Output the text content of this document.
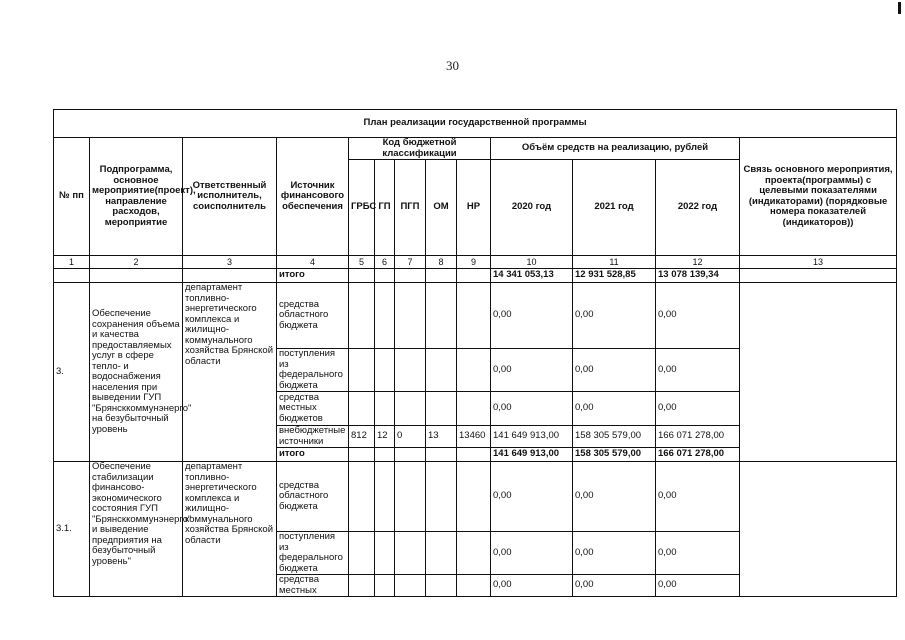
30
План реализации государственной программы												
№ пп	Подпрограмма, основное мероприятие(проект), направление расходов, мероприятие	Ответственный исполнитель, соисполнитель	Источник финансового обеспечения	Код бюджетной классификации					Объём средств на реализацию, рублей			Связь основного мероприятия, проекта(программы) с целевыми показателями (индикаторами) (порядковые номера показателей (индикаторов))
				ГРБС	ГП	ПГП	ОМ	НР	2020 год	2021 год	2022 год	
1	2	3	4	5	6	7	8	9	10	11	12	13
			итого						14 341 053,13	12 931 528,85	13 078 139,34	
3.	Обеспечение сохранения объема и качества предоставляемых услуг в сфере тепло- и водоснабжения населения при выведении ГУП "Брянсккоммунэнерго" на безубыточный уровень	департамент топливно-энергетического комплекса и жилищно-коммунального хозяйства Брянской области	средства областного бюджета						0,00	0,00	0,00	
			поступления из федерального бюджета						0,00	0,00	0,00	
			средства местных бюджетов						0,00	0,00	0,00	
			внебюджетные источники	812	12	0	13	13460	141 649 913,00	158 305 579,00	166 071 278,00	
			итого						141 649 913,00	158 305 579,00	166 071 278,00	
3.1.	Обеспечение стабилизации финансово-экономического состояния ГУП "Брянсккоммунэнерго" и выведение предприятия на безубыточный уровень"	департамент топливно-энергетического комплекса и жилищно-коммунального хозяйства Брянской области	средства областного бюджета						0,00	0,00	0,00	
			поступления из федерального бюджета						0,00	0,00	0,00	
			средства местных						0,00	0,00	0,00	
